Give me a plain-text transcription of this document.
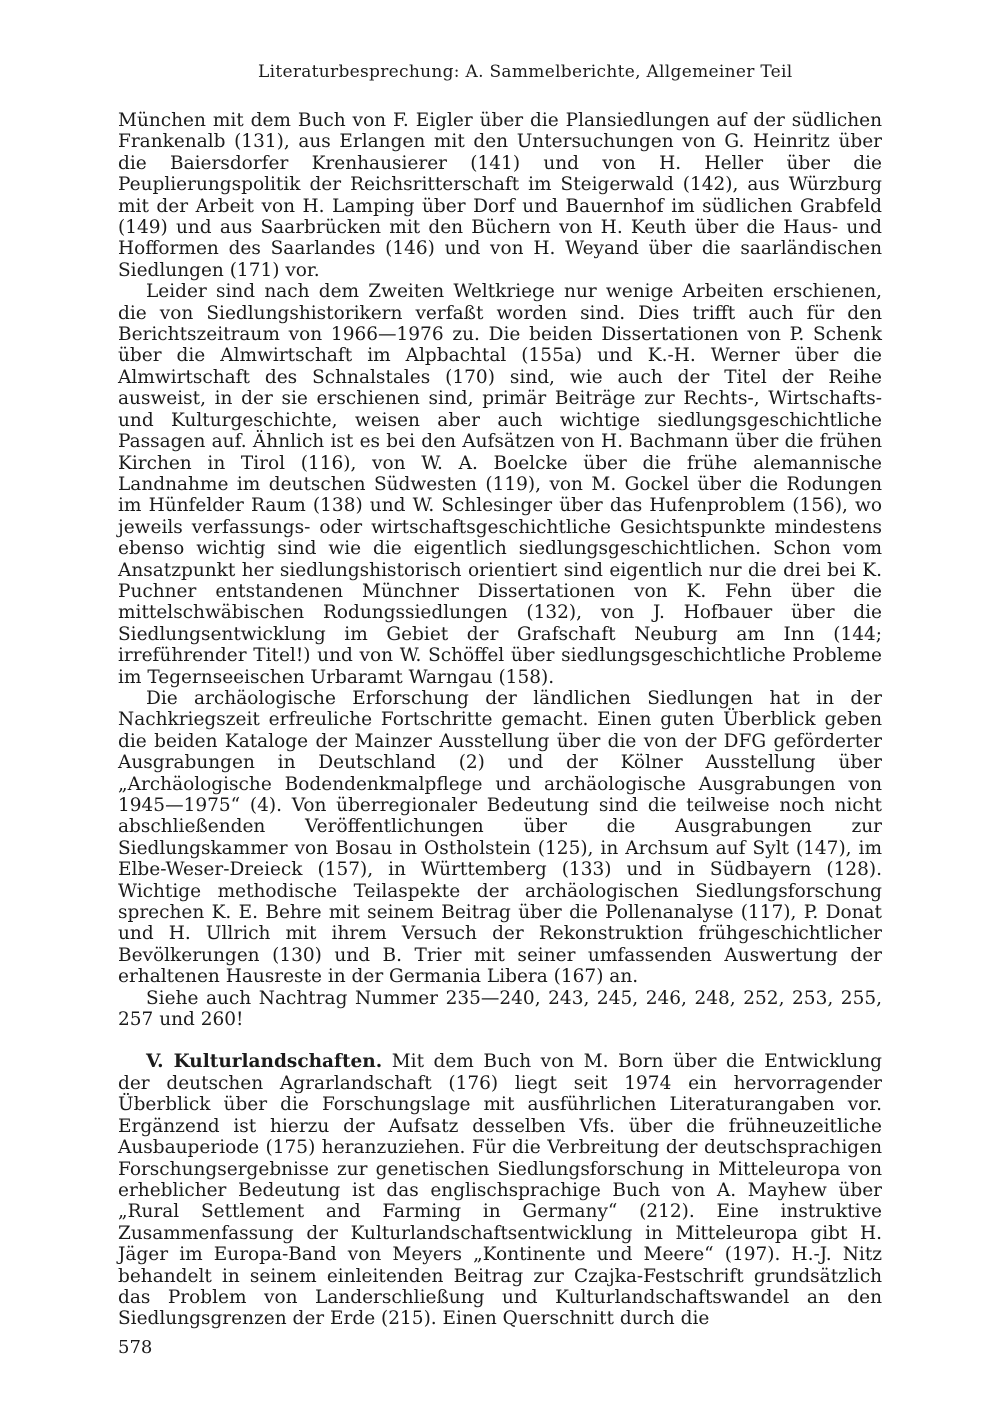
Literaturbesprechung: A. Sammelberichte, Allgemeiner Teil

München mit dem Buch von F. Eigler über die Plansiedlungen auf der südlichen Frankenalb (131), aus Erlangen mit den Untersuchungen von G. Heinritz über die Baiersdorfer Krenhausierer (141) und von H. Heller über die Peuplierungspolitik der Reichsritterschaft im Steigerwald (142), aus Würzburg mit der Arbeit von H. Lamping über Dorf und Bauernhof im südlichen Grabfeld (149) und aus Saarbrücken mit den Büchern von H. Keuth über die Haus- und Hofformen des Saarlandes (146) und von H. Weyand über die saarländischen Siedlungen (171) vor.

Leider sind nach dem Zweiten Weltkriege nur wenige Arbeiten erschienen, die von Siedlungshistorikern verfaßt worden sind. Dies trifft auch für den Berichtszeitraum von 1966—1976 zu. Die beiden Dissertationen von P. Schenk über die Almwirtschaft im Alpbachtal (155a) und K.-H. Werner über die Almwirtschaft des Schnalstales (170) sind, wie auch der Titel der Reihe ausweist, in der sie erschienen sind, primär Beiträge zur Rechts-, Wirtschafts- und Kulturgeschichte, weisen aber auch wichtige siedlungsgeschichtliche Passagen auf. Ähnlich ist es bei den Aufsätzen von H. Bachmann über die frühen Kirchen in Tirol (116), von W. A. Boelcke über die frühe alemannische Landnahme im deutschen Südwesten (119), von M. Gockel über die Rodungen im Hünfelder Raum (138) und W. Schlesinger über das Hufenproblem (156), wo jeweils verfassungs- oder wirtschaftsgeschichtliche Gesichtspunkte mindestens ebenso wichtig sind wie die eigentlich siedlungsgeschichtlichen. Schon vom Ansatzpunkt her siedlungshistorisch orientiert sind eigentlich nur die drei bei K. Puchner entstandenen Münchner Dissertationen von K. Fehn über die mittelschwäbischen Rodungssiedlungen (132), von J. Hofbauer über die Siedlungsentwicklung im Gebiet der Grafschaft Neuburg am Inn (144; irreführender Titel!) und von W. Schöffel über siedlungsgeschichtliche Probleme im Tegernseeischen Urbaramt Warngau (158).

Die archäologische Erforschung der ländlichen Siedlungen hat in der Nachkriegszeit erfreuliche Fortschritte gemacht. Einen guten Überblick geben die beiden Kataloge der Mainzer Ausstellung über die von der DFG geförderter Ausgrabungen in Deutschland (2) und der Kölner Ausstellung über „Archäologische Bodendenkmalpflege und archäologische Ausgrabungen von 1945—1975“ (4). Von überregionaler Bedeutung sind die teilweise noch nicht abschließenden Veröffentlichungen über die Ausgrabungen zur Siedlungskammer von Bosau in Ostholstein (125), in Archsum auf Sylt (147), im Elbe-Weser-Dreieck (157), in Württemberg (133) und in Südbayern (128). Wichtige methodische Teilaspekte der archäologischen Siedlungsforschung sprechen K. E. Behre mit seinem Beitrag über die Pollenanalyse (117), P. Donat und H. Ullrich mit ihrem Versuch der Rekonstruktion frühgeschichtlicher Bevölkerungen (130) und B. Trier mit seiner umfassenden Auswertung der erhaltenen Hausreste in der Germania Libera (167) an.

Siehe auch Nachtrag Nummer 235—240, 243, 245, 246, 248, 252, 253, 255, 257 und 260!

V. Kulturlandschaften. Mit dem Buch von M. Born über die Entwicklung der deutschen Agrarlandschaft (176) liegt seit 1974 ein hervorragender Überblick über die Forschungslage mit ausführlichen Literaturangaben vor. Ergänzend ist hierzu der Aufsatz desselben Vfs. über die frühneuzeitliche Ausbauperiode (175) heranzuziehen. Für die Verbreitung der deutschsprachigen Forschungsergebnisse zur genetischen Siedlungsforschung in Mitteleuropa von erheblicher Bedeutung ist das englischsprachige Buch von A. Mayhew über „Rural Settlement and Farming in Germany“ (212). Eine instruktive Zusammenfassung der Kulturlandschaftsentwicklung in Mitteleuropa gibt H. Jäger im Europa-Band von Meyers „Kontinente und Meere“ (197). H.-J. Nitz behandelt in seinem einleitenden Beitrag zur Czajka-Festschrift grundsätzlich das Problem von Landerschließung und Kulturlandschaftswandel an den Siedlungsgrenzen der Erde (215). Einen Querschnitt durch die

578
